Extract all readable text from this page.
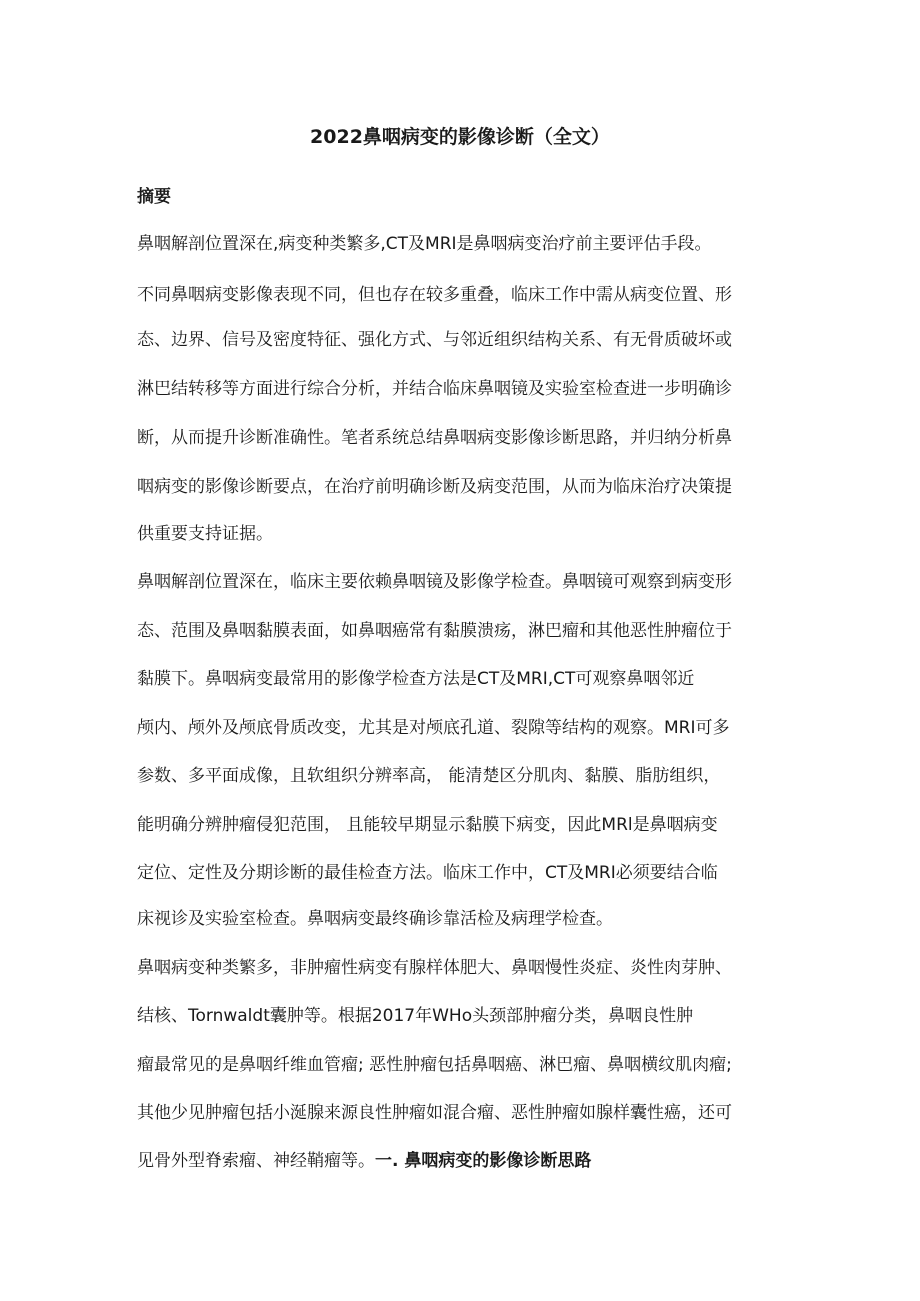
2022鼻咽病变的影像诊断（全文）
摘要

鼻咽解剖位置深在,病变种类繁多,CT及MRI是鼻咽病变治疗前主要评估手段。

不同鼻咽病变影像表现不同，但也存在较多重叠，临床工作中需从病变位置、形

态、边界、信号及密度特征、强化方式、与邻近组织结构关系、有无骨质破坏或

淋巴结转移等方面进行综合分析，并结合临床鼻咽镜及实验室检查进一步明确诊

断，从而提升诊断准确性。笔者系统总结鼻咽病变影像诊断思路，并归纳分析鼻

咽病变的影像诊断要点，在治疗前明确诊断及病变范围，从而为临床治疗决策提

供重要支持证据。

鼻咽解剖位置深在，临床主要依赖鼻咽镜及影像学检查。鼻咽镜可观察到病变形

态、范围及鼻咽黏膜表面，如鼻咽癌常有黏膜溃疡，淋巴瘤和其他恶性肿瘤位于

黏膜下。鼻咽病变最常用的影像学检查方法是CT及MRI,CT可观察鼻咽邻近

颅内、颅外及颅底骨质改变，尤其是对颅底孔道、裂隙等结构的观察。MRI可多

参数、多平面成像，且软组织分辨率高， 能清楚区分肌肉、黏膜、脂肪组织，

能明确分辨肿瘤侵犯范围， 且能较早期显示黏膜下病变，因此MRl是鼻咽病变

定位、定性及分期诊断的最佳检查方法。临床工作中，CT及MRI必须要结合临

床视诊及实验室检查。鼻咽病变最终确诊靠活检及病理学检查。

鼻咽病变种类繁多，非肿瘤性病变有腺样体肥大、鼻咽慢性炎症、炎性肉芽肿、

结核、Tornwaldt囊肿等。根据2017年WHo头颈部肿瘤分类，鼻咽良性肿

瘤最常见的是鼻咽纤维血管瘤; 恶性肿瘤包括鼻咽癌、淋巴瘤、鼻咽横纹肌肉瘤;

其他少见肿瘤包括小涎腺来源良性肿瘤如混合瘤、恶性肿瘤如腺样囊性癌，还可

见骨外型脊索瘤、神经鞘瘤等。一. 鼻咽病变的影像诊断思路
